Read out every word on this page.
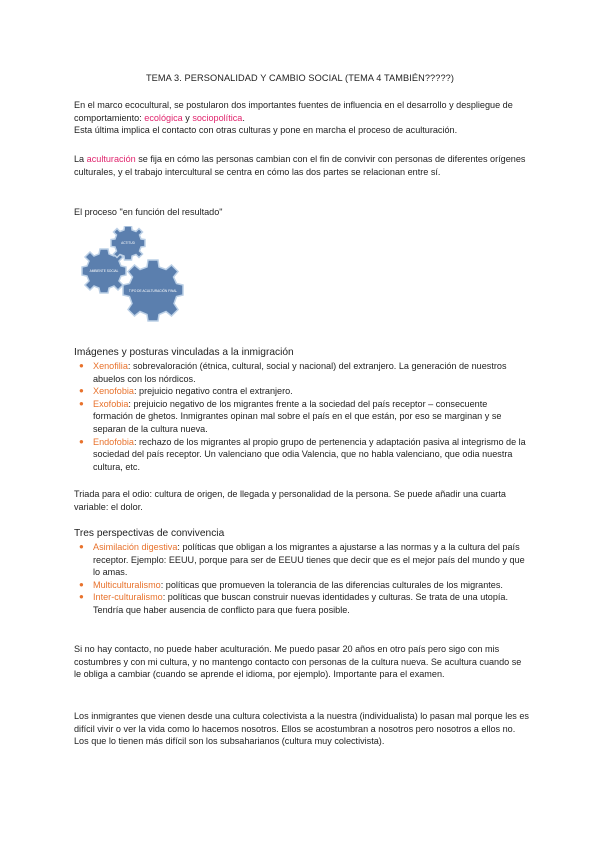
TEMA 3. PERSONALIDAD Y CAMBIO SOCIAL (TEMA 4 TAMBIÉN?????)
En el marco ecocultural, se postularon dos importantes fuentes de influencia en el desarrollo y despliegue de comportamiento: ecológica y sociopolítica.
Esta última implica el contacto con otras culturas y pone en marcha el proceso de aculturación.
La aculturación se fija en cómo las personas cambian con el fin de convivir con personas de diferentes orígenes culturales, y el trabajo intercultural se centra en cómo las dos partes se relacionan entre sí.
El proceso "en función del resultado"
AMBIENTE SOCIAL
ACTITUD
TIPO DE ACULTURACIÓN FINAL
Imágenes y posturas vinculadas a la inmigración
● Xenofilia: sobrevaloración (étnica, cultural, social y nacional) del extranjero. La generación de nuestros abuelos con los nórdicos.
● Xenofobia: prejuicio negativo contra el extranjero.
● Exofobia: prejuicio negativo de los migrantes frente a la sociedad del país receptor – consecuente formación de ghetos. Inmigrantes opinan mal sobre el país en el que están, por eso se marginan y se separan de la cultura nueva.
● Endofobia: rechazo de los migrantes al propio grupo de pertenencia y adaptación pasiva al integrismo de la sociedad del país receptor. Un valenciano que odia Valencia, que no habla valenciano, que odia nuestra cultura, etc.
Triada para el odio: cultura de origen, de llegada y personalidad de la persona. Se puede añadir una cuarta variable: el dolor.
Tres perspectivas de convivencia
● Asimilación digestiva: políticas que obligan a los migrantes a ajustarse a las normas y a la cultura del país receptor. Ejemplo: EEUU, porque para ser de EEUU tienes que decir que es el mejor país del mundo y que lo amas.
● Multiculturalismo: políticas que promueven la tolerancia de las diferencias culturales de los migrantes.
● Inter-culturalismo: políticas que buscan construir nuevas identidades y culturas. Se trata de una utopía. Tendría que haber ausencia de conflicto para que fuera posible.
Si no hay contacto, no puede haber aculturación. Me puedo pasar 20 años en otro país pero sigo con mis costumbres y con mi cultura, y no mantengo contacto con personas de la cultura nueva. Se acultura cuando se le obliga a cambiar (cuando se aprende el idioma, por ejemplo). Importante para el examen.
Los inmigrantes que vienen desde una cultura colectivista a la nuestra (individualista) lo pasan mal porque les es difícil vivir o ver la vida como lo hacemos nosotros. Ellos se acostumbran a nosotros pero nosotros a ellos no. Los que lo tienen más difícil son los subsaharianos (cultura muy colectivista).
